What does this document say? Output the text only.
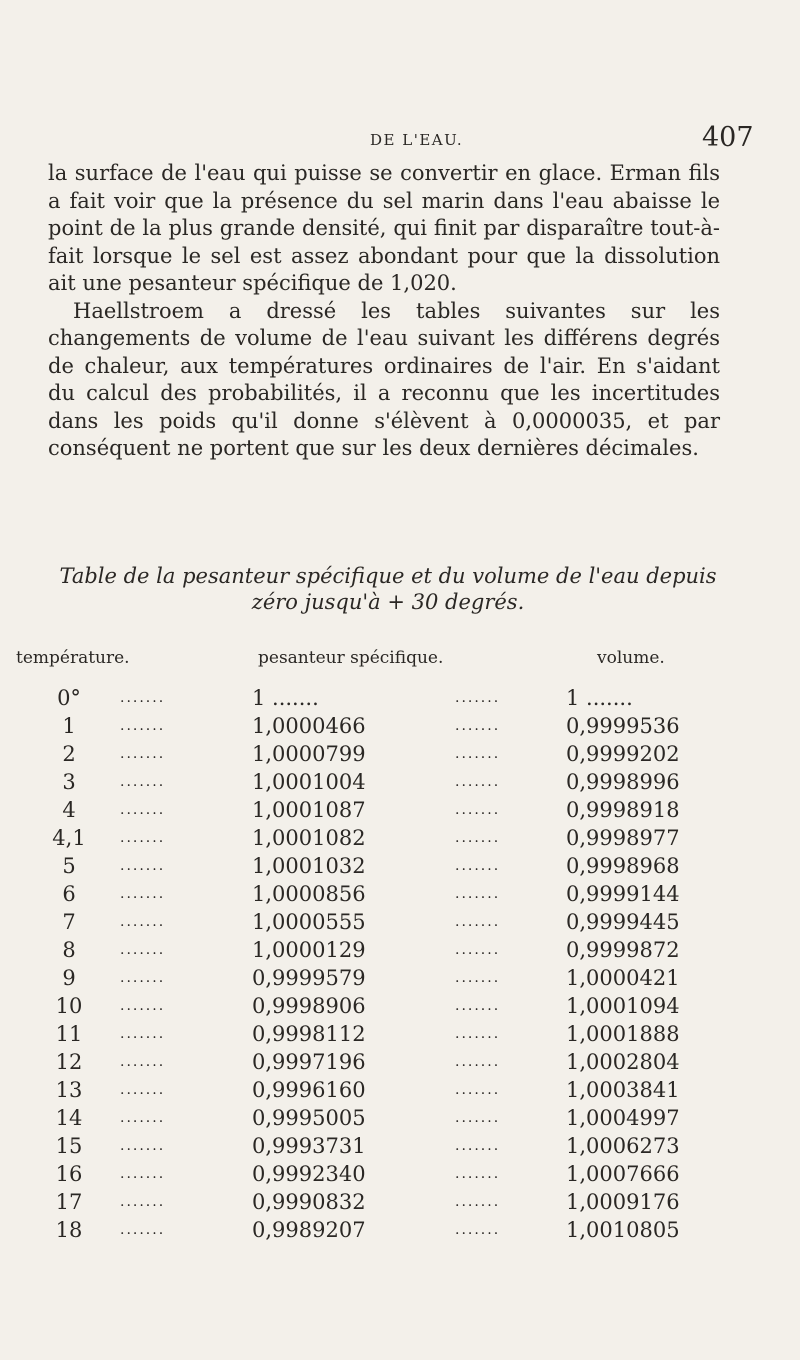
DE L'EAU.	407

la surface de l'eau qui puisse se convertir en glace. Erman fils a fait voir que la présence du sel marin dans l'eau abaisse le point de la plus grande densité, qui finit par disparaître tout-à-fait lorsque le sel est assez abondant pour que la dissolution ait une pesanteur spécifique de 1,020.

Haellstroem a dressé les tables suivantes sur les changements de volume de l'eau suivant les différens degrés de chaleur, aux températures ordinaires de l'air. En s'aidant du calcul des probabilités, il a reconnu que les incertitudes dans les poids qu'il donne s'élèvent à 0,0000035, et par conséquent ne portent que sur les deux dernières décimales.

Table de la pesanteur spécifique et du volume de l'eau depuis zéro jusqu'à + 30 degrés.
température.	pesanteur spécifique.	volume.
0°	.......	1 .......	.......	1 .......
1	.......	1,0000466	.......	0,9999536
2	.......	1,0000799	.......	0,9999202
3	.......	1,0001004	.......	0,9998996
4	.......	1,0001087	.......	0,9998918
4,1	.......	1,0001082	.......	0,9998977
5	.......	1,0001032	.......	0,9998968
6	.......	1,0000856	.......	0,9999144
7	.......	1,0000555	.......	0,9999445
8	.......	1,0000129	.......	0,9999872
9	.......	0,9999579	.......	1,0000421
10	.......	0,9998906	.......	1,0001094
11	.......	0,9998112	.......	1,0001888
12	.......	0,9997196	.......	1,0002804
13	.......	0,9996160	.......	1,0003841
14	.......	0,9995005	.......	1,0004997
15	.......	0,9993731	.......	1,0006273
16	.......	0,9992340	.......	1,0007666
17	.......	0,9990832	.......	1,0009176
18	.......	0,9989207	.......	1,0010805
